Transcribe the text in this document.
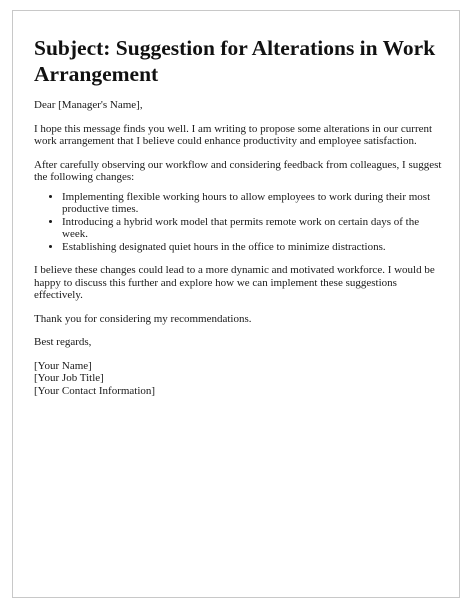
Subject: Suggestion for Alterations in Work Arrangement

Dear [Manager's Name],

I hope this message finds you well. I am writing to propose some alterations in our current work arrangement that I believe could enhance productivity and employee satisfaction.

After carefully observing our workflow and considering feedback from colleagues, I suggest the following changes:

• Implementing flexible working hours to allow employees to work during their most productive times.
• Introducing a hybrid work model that permits remote work on certain days of the week.
• Establishing designated quiet hours in the office to minimize distractions.

I believe these changes could lead to a more dynamic and motivated workforce. I would be happy to discuss this further and explore how we can implement these suggestions effectively.

Thank you for considering my recommendations.

Best regards,

[Your Name]
[Your Job Title]
[Your Contact Information]
